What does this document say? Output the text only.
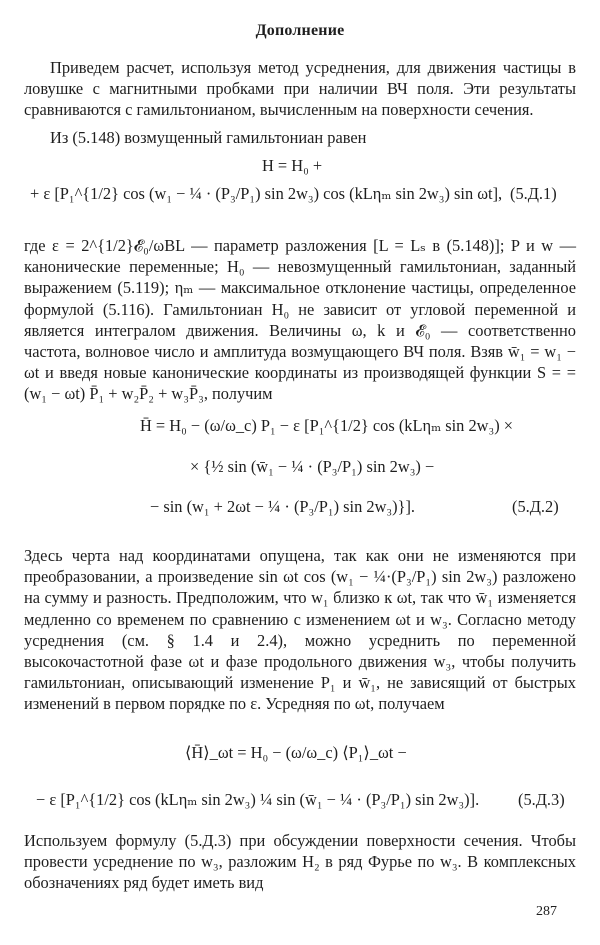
Дополнение
Приведем расчет, используя метод усреднения, для движения частицы в ловушке с магнитными пробками при наличии ВЧ поля. Эти результаты сравниваются с гамильтонианом, вычисленным на поверхности сечения.
Из (5.148) возмущенный гамильтониан равен
H = H₀ +
+ ε [P₁^{1/2} cos (w₁ − ¼ · (P₃/P₁) sin 2w₃) cos (kLηₘ sin 2w₃) sin ωt], (5.Д.1)
где ε = 2^{1/2}𝓔₀/ωBL — параметр разложения [L = Lₛ в (5.148)]; P и w — канонические переменные; H₀ — невозмущенный гамильтониан, заданный выражением (5.119); ηₘ — максимальное отклонение частицы, определенное формулой (5.116). Гамильтониан H₀ не зависит от угловой переменной и является интегралом движения. Величины ω, k и 𝓔₀ — соответственно частота, волновое число и амплитуда возмущающего ВЧ поля. Взяв w̄₁ = w₁ − ωt и введя новые канонические координаты из производящей функции S = = (w₁ − ωt) P̄₁ + w₂P̄₂ + w₃P̄₃, получим
H̄ = H₀ − (ω/ω_c) P₁ − ε [P₁^{1/2} cos (kLηₘ sin 2w₃) ×
× {½ sin (w̄₁ − ¼ · (P₃/P₁) sin 2w₃) −
− sin (w₁ + 2ωt − ¼ · (P₃/P₁) sin 2w₃)}].	(5.Д.2)
Здесь черта над координатами опущена, так как они не изменяются при преобразовании, а произведение sin ωt cos (w₁ − ¼·(P₃/P₁) sin 2w₃) разложено на сумму и разность. Предположим, что w₁ близко к ωt, так что w̄₁ изменяется медленно со временем по сравнению с изменением ωt и w₃. Согласно методу усреднения (см. § 1.4 и 2.4), можно усреднить по переменной высокочастотной фазе ωt и фазе продольного движения w₃, чтобы получить гамильтониан, описывающий изменение P₁ и w̄₁, не зависящий от быстрых изменений в первом порядке по ε. Усредняя по ωt, получаем
⟨H̄⟩_ωt = H₀ − (ω/ω_c) ⟨P₁⟩_ωt −
− ε [P₁^{1/2} cos (kLηₘ sin 2w₃) ¼ sin (w̄₁ − ¼ · (P₃/P₁) sin 2w₃)]. (5.Д.3)
Используем формулу (5.Д.3) при обсуждении поверхности сечения. Чтобы провести усреднение по w₃, разложим H₂ в ряд Фурье по w₃. В комплексных обозначениях ряд будет иметь вид
287
